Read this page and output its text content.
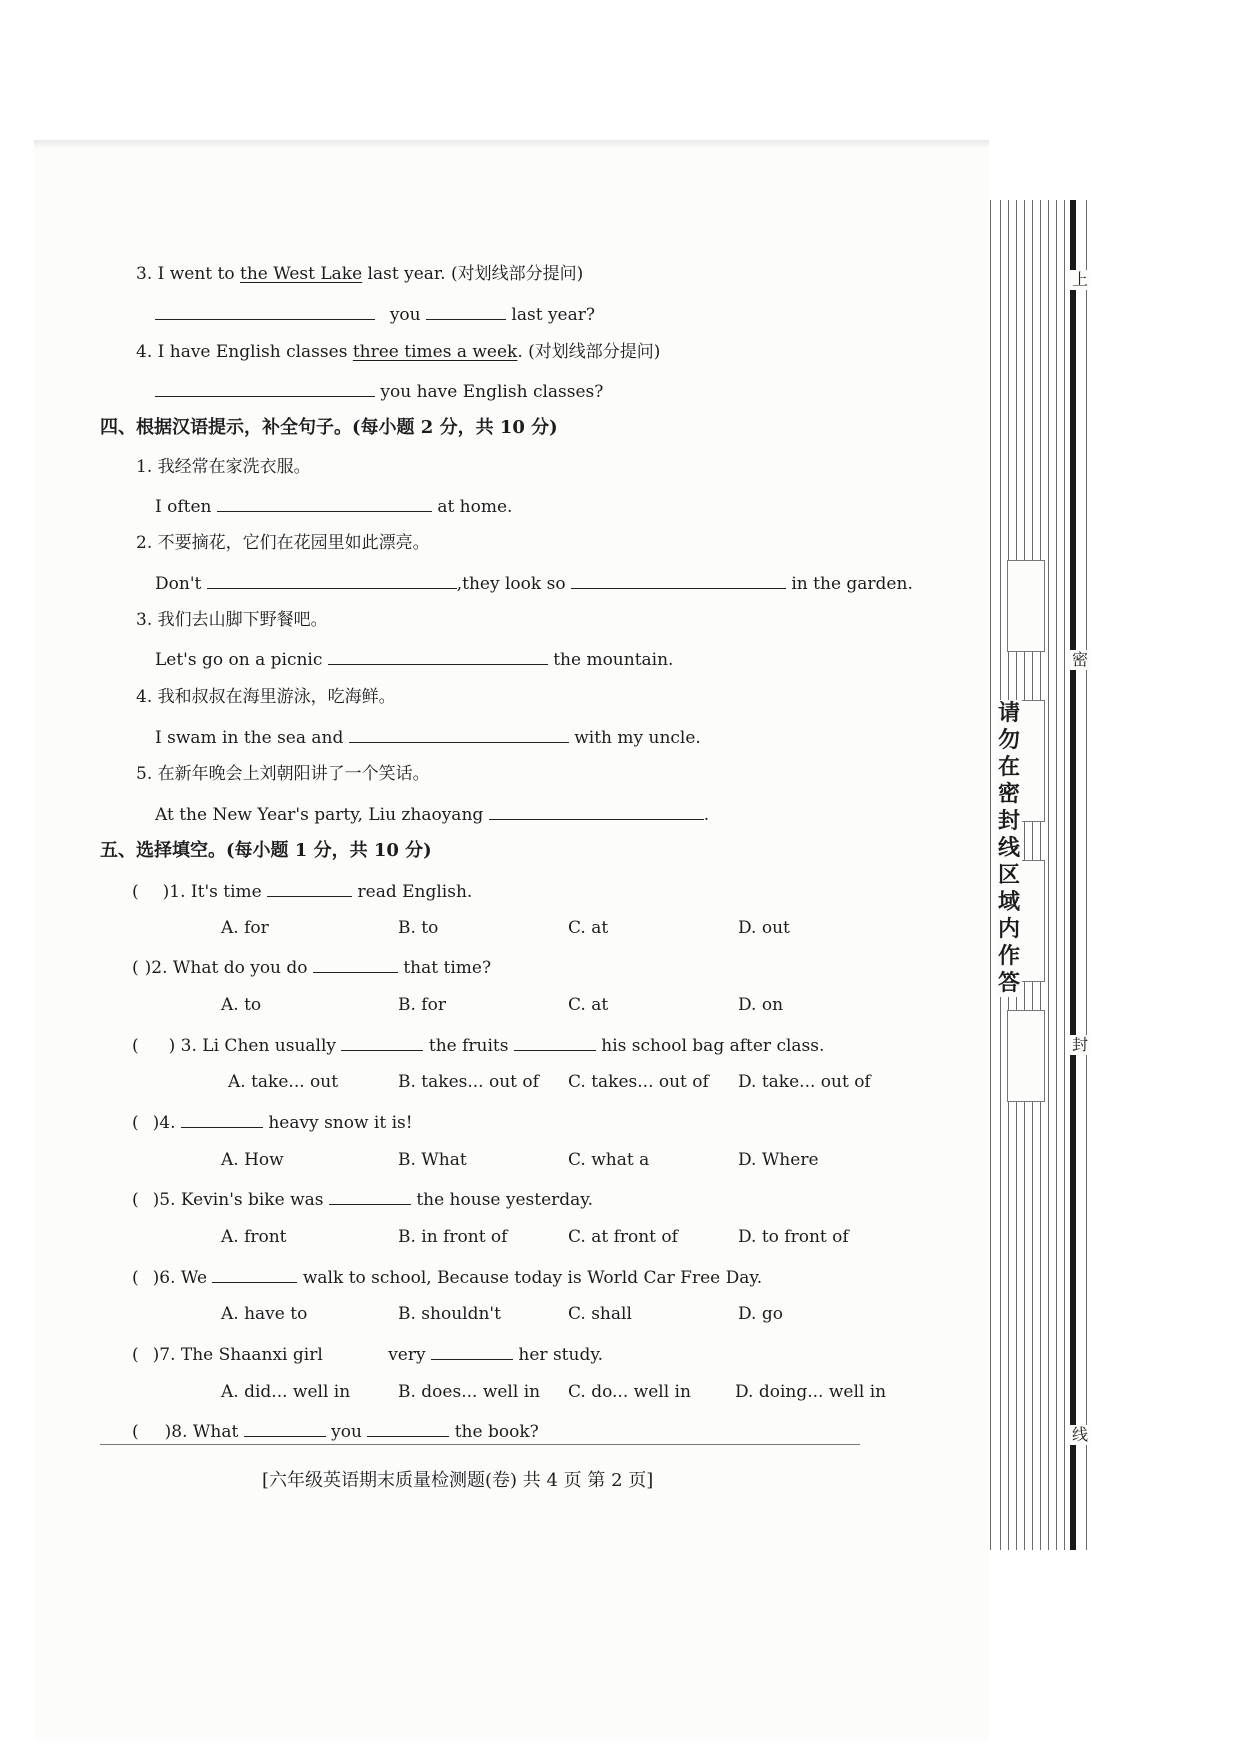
3. I went to the West Lake last year. (对划线部分提问)
you	last year?
4. I have English classes three times a week. (对划线部分提问)
you have English classes?
四、根据汉语提示，补全句子。(每小题 2 分，共 10 分)
1. 我经常在家洗衣服。
I often	at home.
2. 不要摘花，它们在花园里如此漂亮。
Don't	,they look so	in the garden.
3. 我们去山脚下野餐吧。
Let's go on a picnic	the mountain.
4. 我和叔叔在海里游泳，吃海鲜。
I swam in the sea and	with my uncle.
5. 在新年晚会上刘朝阳讲了一个笑话。
At the New Year's party, Liu zhaoyang	.
五、选择填空。(每小题 1 分，共 10 分)
( )1. It's time	read English.
A. for	B. to	C. at	D. out
( )2. What do you do	that time?
A. to	B. for	C. at	D. on
( ) 3. Li Chen usually	the fruits	his school bag after class.
A. take... out	B. takes... out of C. takes... out of D. take... out of
( )4.	heavy snow it is!
A. How	B. What	C. what a	D. Where
( )5. Kevin's bike was	the house yesterday.
A. front	B. in front of	C. at front of	D. to front of
( )6. We	walk to school, Because today is World Car Free Day.
A. have to	B. shouldn't	C. shall	D. go
( )7. The Shaanxi girl	very	her study.
A. did... well in	B. does... well in C. do... well in	D. doing... well in
( )8. What	you	the book?
[六年级英语期末质量检测题(卷) 共 4 页 第 2 页]
请勿在密封线区域内作答
上
密
封
线
